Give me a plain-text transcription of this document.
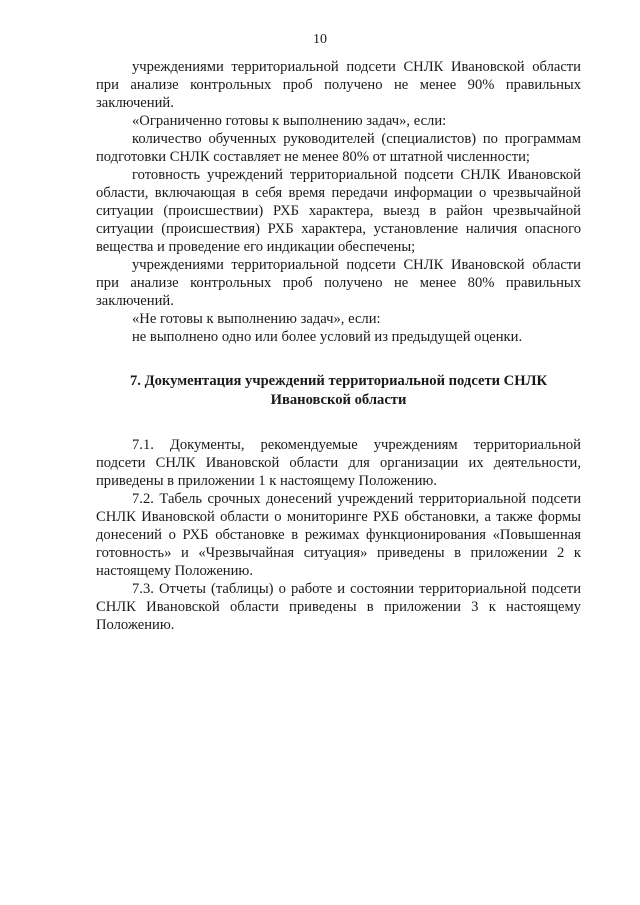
10

учреждениями территориальной подсети СНЛК Ивановской области при анализе контрольных проб получено не менее 90% правильных заключений.

«Ограниченно готовы к выполнению задач», если:

количество обученных руководителей (специалистов) по программам подготовки СНЛК составляет не менее 80% от штатной численности;

готовность учреждений территориальной подсети СНЛК Ивановской области, включающая в себя время передачи информации о чрезвычайной ситуации (происшествии) РХБ характера, выезд в район чрезвычайной ситуации (происшествия) РХБ характера, установление наличия опасного вещества и проведение его индикации обеспечены;

учреждениями территориальной подсети СНЛК Ивановской области при анализе контрольных проб получено не менее 80% правильных заключений.

«Не готовы к выполнению задач», если:

не выполнено одно или более условий из предыдущей оценки.

7. Документация учреждений территориальной подсети СНЛК Ивановской области

7.1. Документы, рекомендуемые учреждениям территориальной подсети СНЛК Ивановской области для организации их деятельности, приведены в приложении 1 к настоящему Положению.

7.2. Табель срочных донесений учреждений территориальной подсети СНЛК Ивановской области о мониторинге РХБ обстановки, а также формы донесений о РХБ обстановке в режимах функционирования «Повышенная готовность» и «Чрезвычайная ситуация» приведены в приложении 2 к настоящему Положению.

7.3. Отчеты (таблицы) о работе и состоянии территориальной подсети СНЛК Ивановской области приведены в приложении 3 к настоящему Положению.
